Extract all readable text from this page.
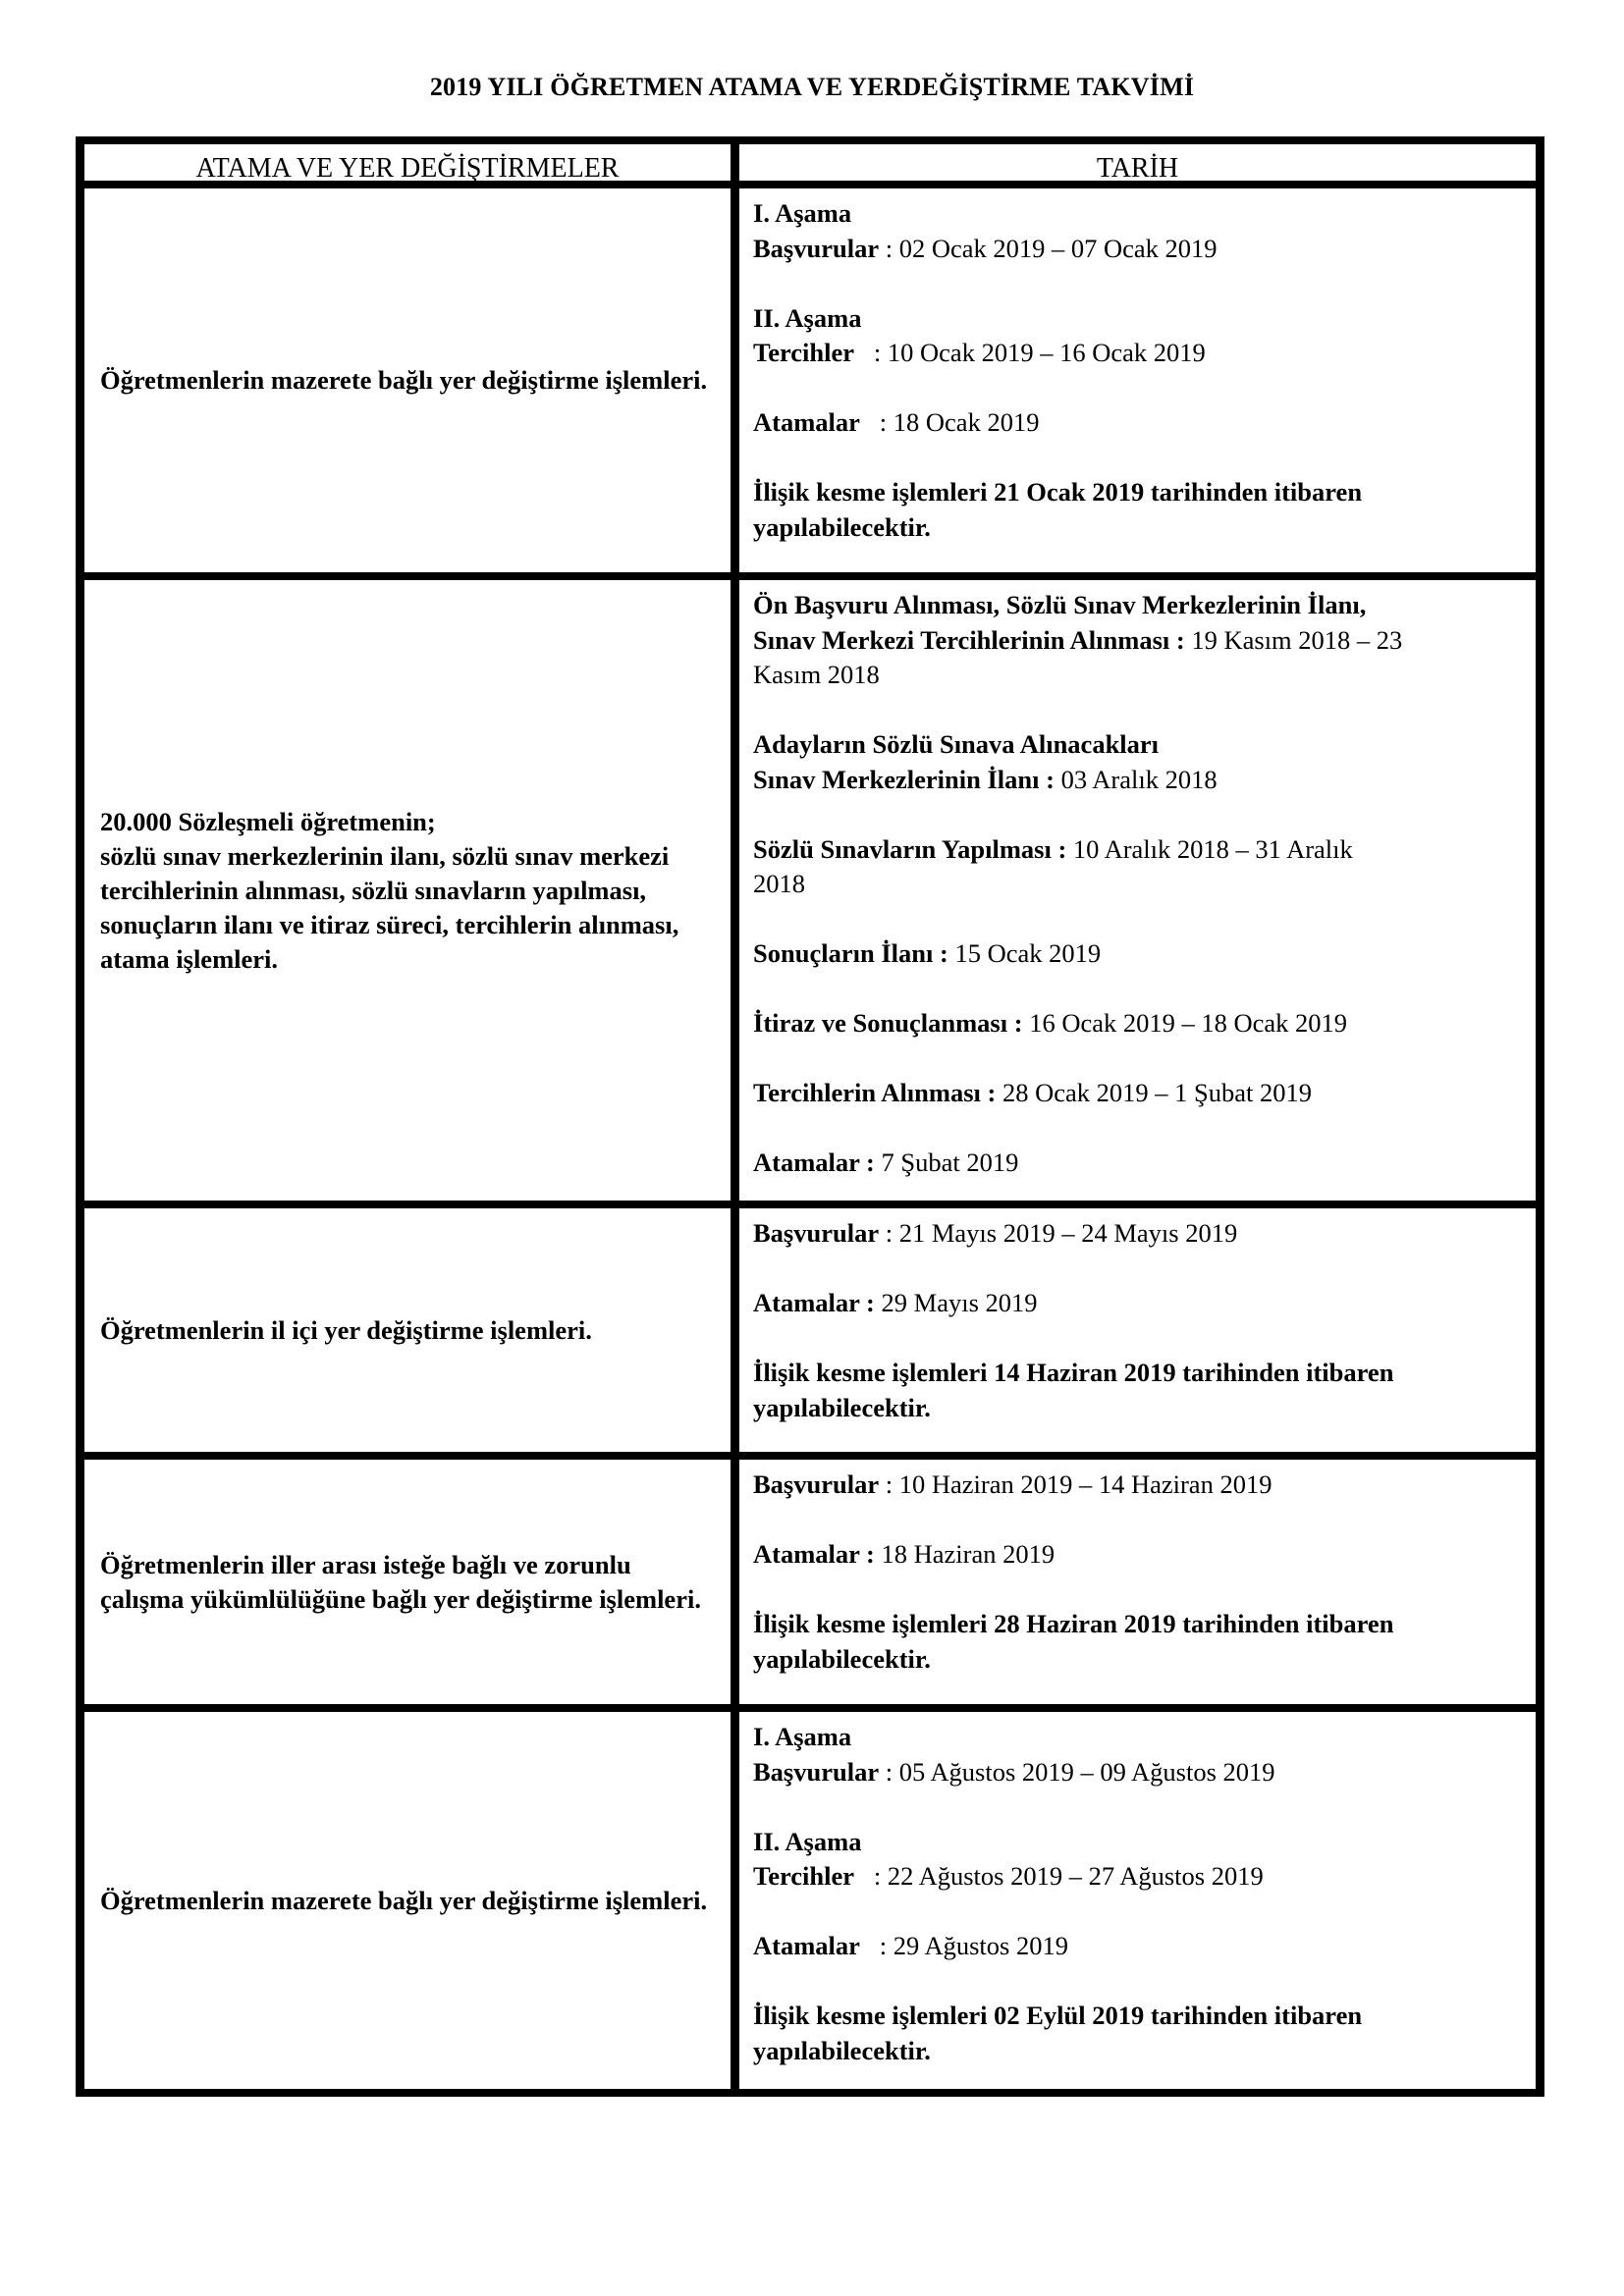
2019 YILI ÖĞRETMEN ATAMA VE YERDEĞİŞTİRME TAKVİMİ
ATAMA VE YER DEĞİŞTİRMELER	TARİH
Öğretmenlerin mazerete bağlı yer değiştirme işlemleri.
I. Aşama
Başvurular : 02 Ocak 2019 – 07 Ocak 2019
II. Aşama
Tercihler   : 10 Ocak 2019 – 16 Ocak 2019
Atamalar   : 18 Ocak 2019
İlişik kesme işlemleri 21 Ocak 2019 tarihinden itibaren
yapılabilecektir.
20.000 Sözleşmeli öğretmenin;
sözlü sınav merkezlerinin ilanı, sözlü sınav merkezi tercihlerinin alınması, sözlü sınavların yapılması, sonuçların ilanı ve itiraz süreci, tercihlerin alınması, atama işlemleri.
Ön Başvuru Alınması, Sözlü Sınav Merkezlerinin İlanı,
Sınav Merkezi Tercihlerinin Alınması : 19 Kasım 2018 – 23
Kasım 2018
Adayların Sözlü Sınava Alınacakları
Sınav Merkezlerinin İlanı : 03 Aralık 2018
Sözlü Sınavların Yapılması : 10 Aralık 2018 – 31 Aralık
2018
Sonuçların İlanı : 15 Ocak 2019
İtiraz ve Sonuçlanması : 16 Ocak 2019 – 18 Ocak 2019
Tercihlerin Alınması : 28 Ocak 2019 – 1 Şubat 2019
Atamalar : 7 Şubat 2019
Öğretmenlerin il içi yer değiştirme işlemleri.
Başvurular : 21 Mayıs 2019 – 24 Mayıs 2019
Atamalar : 29 Mayıs 2019
İlişik kesme işlemleri 14 Haziran 2019 tarihinden itibaren
yapılabilecektir.
Öğretmenlerin iller arası isteğe bağlı ve zorunlu çalışma yükümlülüğüne bağlı yer değiştirme işlemleri.
Başvurular : 10 Haziran 2019 – 14 Haziran 2019
Atamalar : 18 Haziran 2019
İlişik kesme işlemleri 28 Haziran 2019 tarihinden itibaren
yapılabilecektir.
Öğretmenlerin mazerete bağlı yer değiştirme işlemleri.
I. Aşama
Başvurular : 05 Ağustos 2019 – 09 Ağustos 2019
II. Aşama
Tercihler   : 22 Ağustos 2019 – 27 Ağustos 2019
Atamalar   : 29 Ağustos 2019
İlişik kesme işlemleri 02 Eylül 2019 tarihinden itibaren
yapılabilecektir.
